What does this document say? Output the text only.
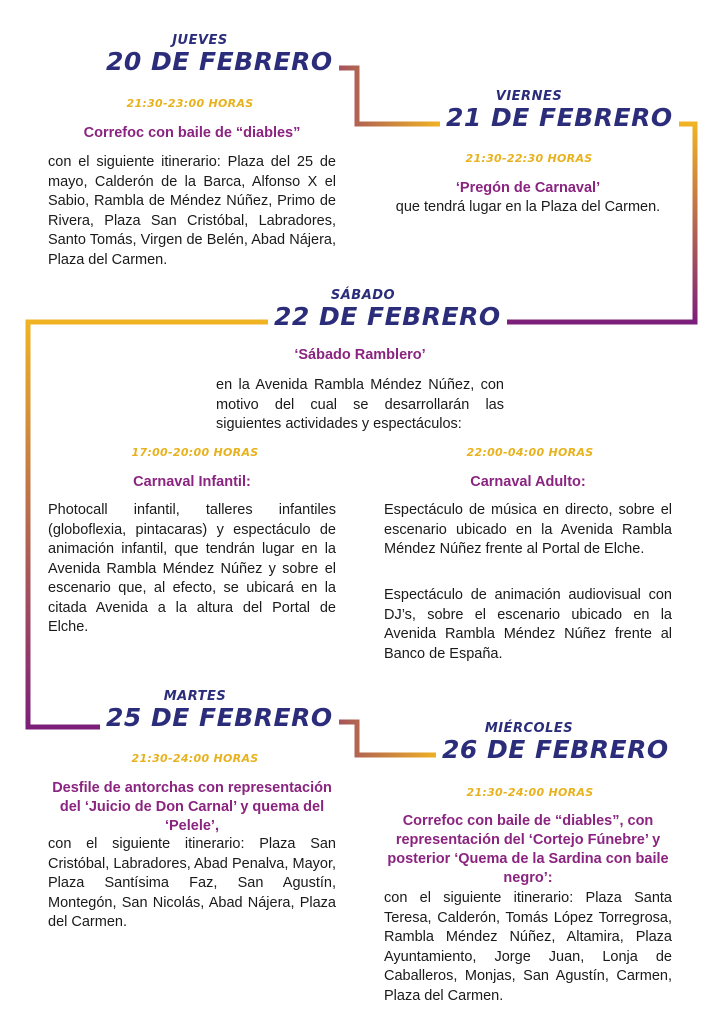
JUEVES
20 DE FEBRERO
21:30-23:00 HORAS
Correfoc con baile de “diables”
con el siguiente itinerario: Plaza del 25 de mayo, Calderón de la Barca, Alfonso X el Sabio, Rambla de Méndez Núñez, Primo de Rivera, Plaza San Cristóbal, Labradores, Santo Tomás, Virgen de Belén, Abad Nájera, Plaza del Carmen.
VIERNES
21 DE FEBRERO
21:30-22:30 HORAS
‘Pregón de Carnaval’
que tendrá lugar en la Plaza del Carmen.
SÁBADO
22 DE FEBRERO
‘Sábado Ramblero’
en la Avenida Rambla Méndez Núñez, con motivo del cual se desarrollarán las siguientes actividades y espectáculos:
17:00-20:00 HORAS
Carnaval Infantil:
Photocall infantil, talleres infantiles (globoflexia, pintacaras) y espectáculo de animación infantil, que tendrán lugar en la Avenida Rambla Méndez Núñez y sobre el escenario que, al efecto, se ubicará en la citada Avenida a la altura del Portal de Elche.
22:00-04:00 HORAS
Carnaval Adulto:
Espectáculo de música en directo, sobre el escenario ubicado en la Avenida Rambla Méndez Núñez frente al Portal de Elche.
Espectáculo de animación audiovisual con DJ’s, sobre el escenario ubicado en la Avenida Rambla Méndez Núñez frente al Banco de España.
MARTES
25 DE FEBRERO
21:30-24:00 HORAS
Desfile de antorchas con representación del ‘Juicio de Don Carnal’ y quema del ‘Pelele’,
con el siguiente itinerario: Plaza San Cristóbal, Labradores, Abad Penalva, Mayor, Plaza Santísima Faz, San Agustín, Montegón, San Nicolás, Abad Nájera, Plaza del Carmen.
MIÉRCOLES
26 DE FEBRERO
21:30-24:00 HORAS
Correfoc con baile de “diables”, con representación del ‘Cortejo Fúnebre’ y posterior ‘Quema de la Sardina con baile negro’:
con el siguiente itinerario: Plaza Santa Teresa, Calderón, Tomás López Torregrosa, Rambla Méndez Núñez, Altamira, Plaza Ayuntamiento, Jorge Juan, Lonja de Caballeros, Monjas, San Agustín, Carmen, Plaza del Carmen.
